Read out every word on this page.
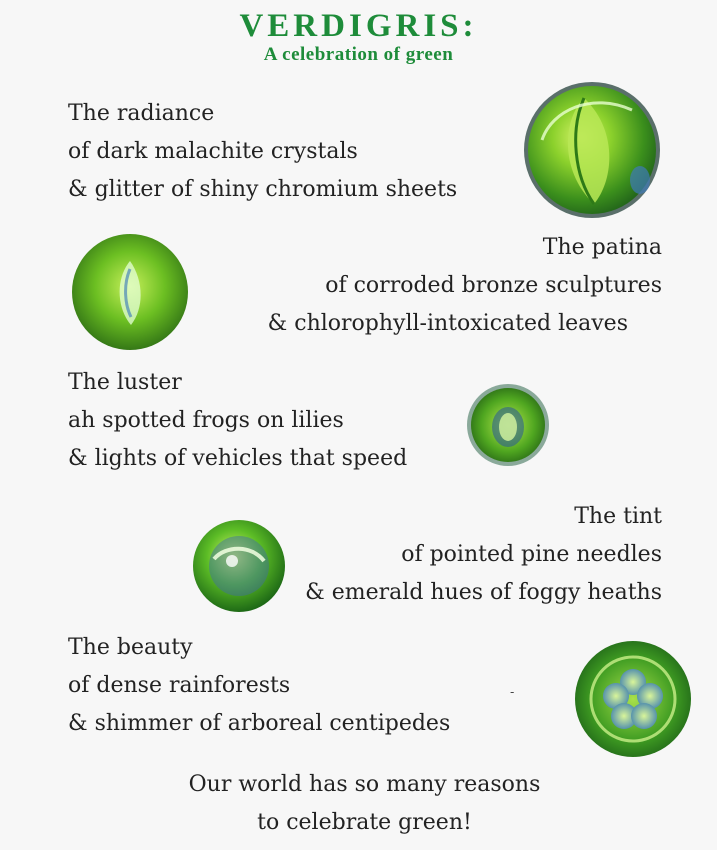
VERDIGRIS:
A celebration of green
The radiance
of dark malachite crystals
& glitter of shiny chromium sheets
The patina
of corroded bronze sculptures
& chlorophyll-intoxicated leaves
The luster
ah spotted frogs on lilies
& lights of vehicles that speed
The tint
of pointed pine needles
& emerald hues of foggy heaths
The beauty
of dense rainforests
& shimmer of arboreal centipedes
-
Our world has so many reasons
to celebrate green!
